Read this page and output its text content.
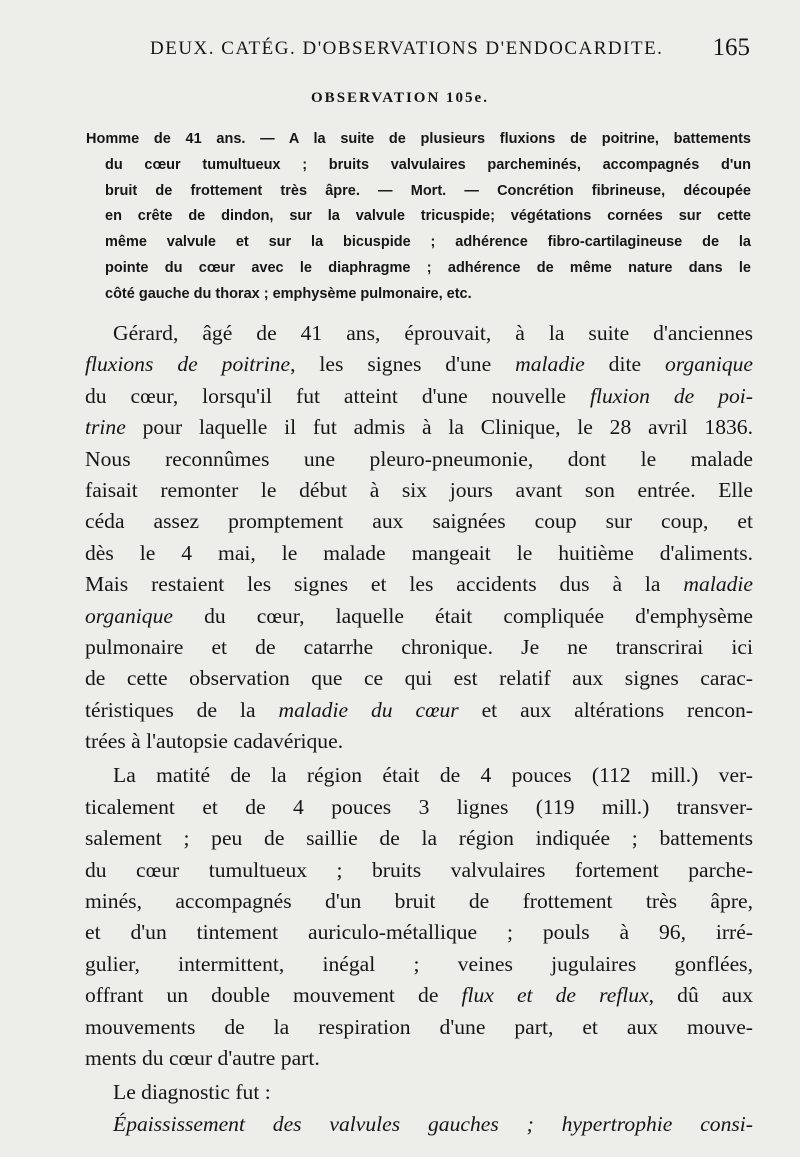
DEUX. CATÉG. D'OBSERVATIONS D'ENDOCARDITE. 165
OBSERVATION 105e.
Homme de 41 ans. — A la suite de plusieurs fluxions de poitrine, battements
du cœur tumultueux ; bruits valvulaires parcheminés, accompagnés d'un
bruit de frottement très âpre. — Mort. — Concrétion fibrineuse, découpée
en crête de dindon, sur la valvule tricuspide; végétations cornées sur cette
même valvule et sur la bicuspide ; adhérence fibro-cartilagineuse de la
pointe du cœur avec le diaphragme ; adhérence de même nature dans le
côté gauche du thorax ; emphysème pulmonaire, etc.
Gérard, âgé de 41 ans, éprouvait, à la suite d'anciennes
fluxions de poitrine, les signes d'une maladie dite organique
du cœur, lorsqu'il fut atteint d'une nouvelle fluxion de poi-
trine pour laquelle il fut admis à la Clinique, le 28 avril 1836.
Nous reconnûmes une pleuro-pneumonie, dont le malade
faisait remonter le début à six jours avant son entrée. Elle
céda assez promptement aux saignées coup sur coup, et
dès le 4 mai, le malade mangeait le huitième d'aliments.
Mais restaient les signes et les accidents dus à la maladie
organique du cœur, laquelle était compliquée d'emphysème
pulmonaire et de catarrhe chronique. Je ne transcrirai ici
de cette observation que ce qui est relatif aux signes carac-
téristiques de la maladie du cœur et aux altérations rencon-
trées à l'autopsie cadavérique.
La matité de la région était de 4 pouces (112 mill.) ver-
ticalement et de 4 pouces 3 lignes (119 mill.) transver-
salement ; peu de saillie de la région indiquée ; battements
du cœur tumultueux ; bruits valvulaires fortement parche-
minés, accompagnés d'un bruit de frottement très âpre,
et d'un tintement auriculo-métallique ; pouls à 96, irré-
gulier, intermittent, inégal ; veines jugulaires gonflées,
offrant un double mouvement de flux et de reflux, dû aux
mouvements de la respiration d'une part, et aux mouve-
ments du cœur d'autre part.
Le diagnostic fut :
Épaississement des valvules gauches ; hypertrophie consi-
